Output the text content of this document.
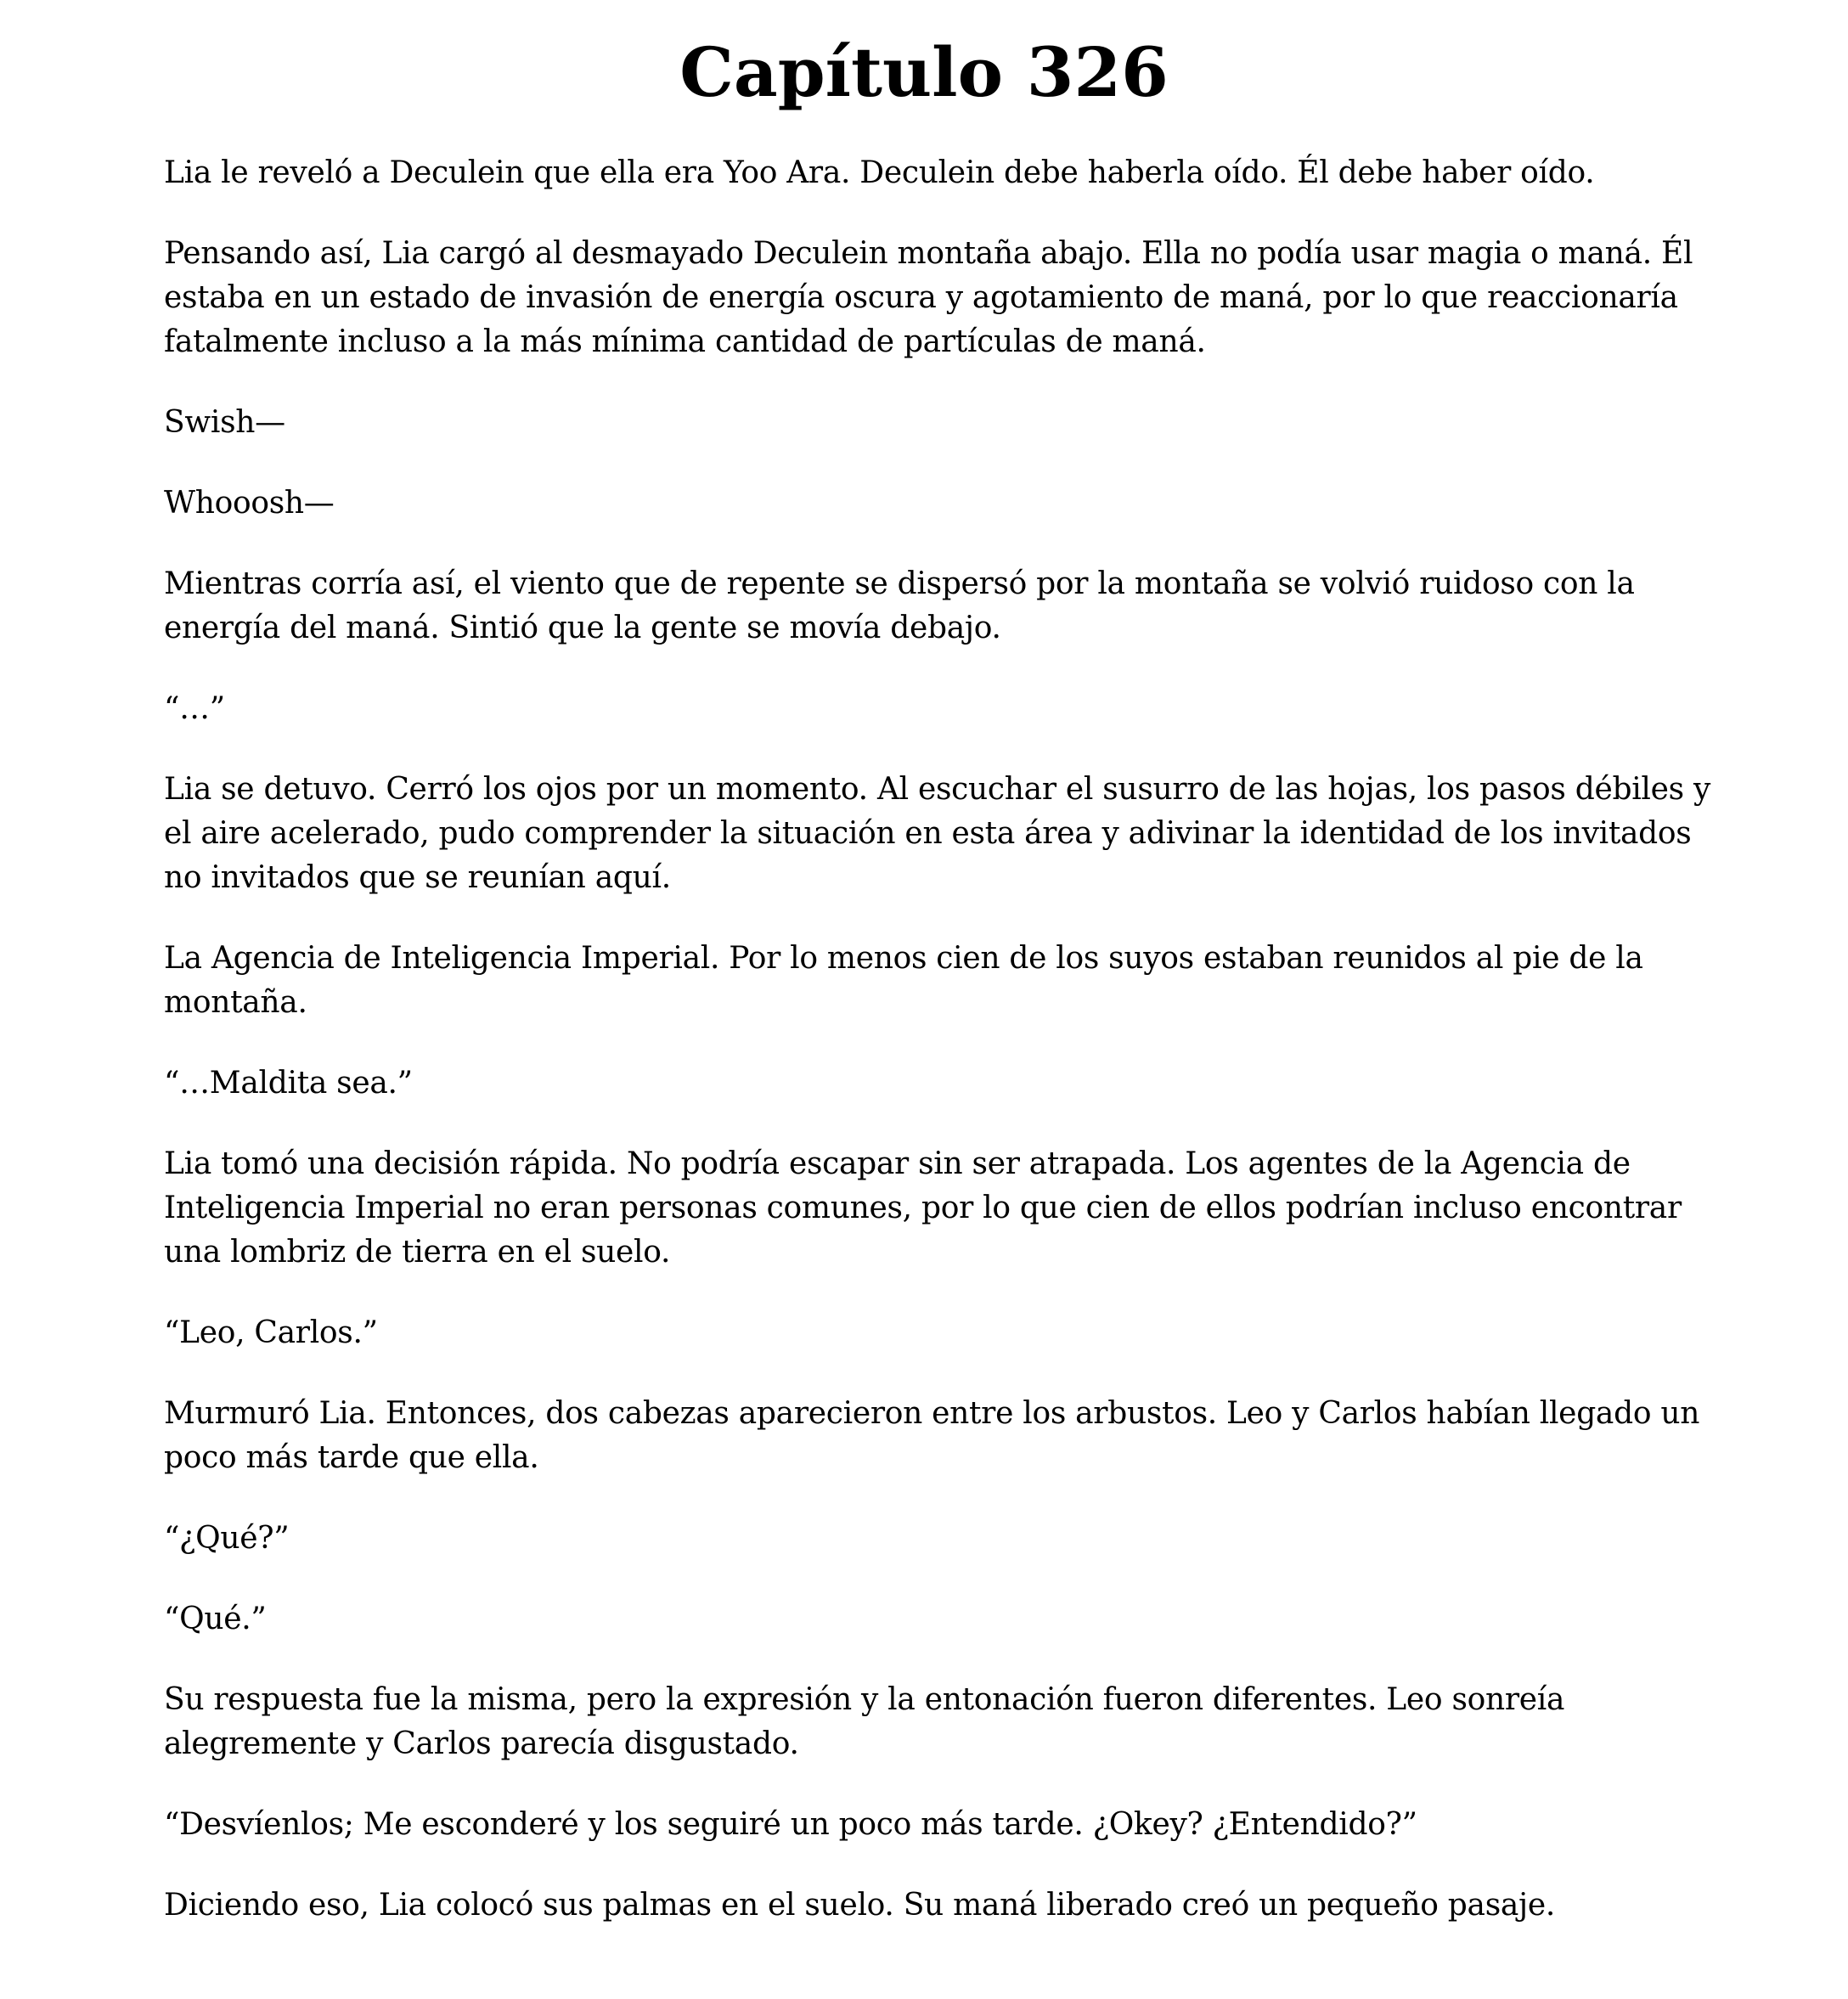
Capítulo 326

Lia le reveló a Deculein que ella era Yoo Ara. Deculein debe haberla oído. Él debe haber oído.

Pensando así, Lia cargó al desmayado Deculein montaña abajo. Ella no podía usar magia o maná. Él estaba en un estado de invasión de energía oscura y agotamiento de maná, por lo que reaccionaría fatalmente incluso a la más mínima cantidad de partículas de maná.

Swish—

Whooosh—

Mientras corría así, el viento que de repente se dispersó por la montaña se volvió ruidoso con la energía del maná. Sintió que la gente se movía debajo.

“…”

Lia se detuvo. Cerró los ojos por un momento. Al escuchar el susurro de las hojas, los pasos débiles y el aire acelerado, pudo comprender la situación en esta área y adivinar la identidad de los invitados no invitados que se reunían aquí.

La Agencia de Inteligencia Imperial. Por lo menos cien de los suyos estaban reunidos al pie de la montaña.

“…Maldita sea.”

Lia tomó una decisión rápida. No podría escapar sin ser atrapada. Los agentes de la Agencia de Inteligencia Imperial no eran personas comunes, por lo que cien de ellos podrían incluso encontrar una lombriz de tierra en el suelo.

“Leo, Carlos.”

Murmuró Lia. Entonces, dos cabezas aparecieron entre los arbustos. Leo y Carlos habían llegado un poco más tarde que ella.

“¿Qué?”

“Qué.”

Su respuesta fue la misma, pero la expresión y la entonación fueron diferentes. Leo sonreía alegremente y Carlos parecía disgustado.

“Desvíenlos; Me esconderé y los seguiré un poco más tarde. ¿Okey? ¿Entendido?”

Diciendo eso, Lia colocó sus palmas en el suelo. Su maná liberado creó un pequeño pasaje.
